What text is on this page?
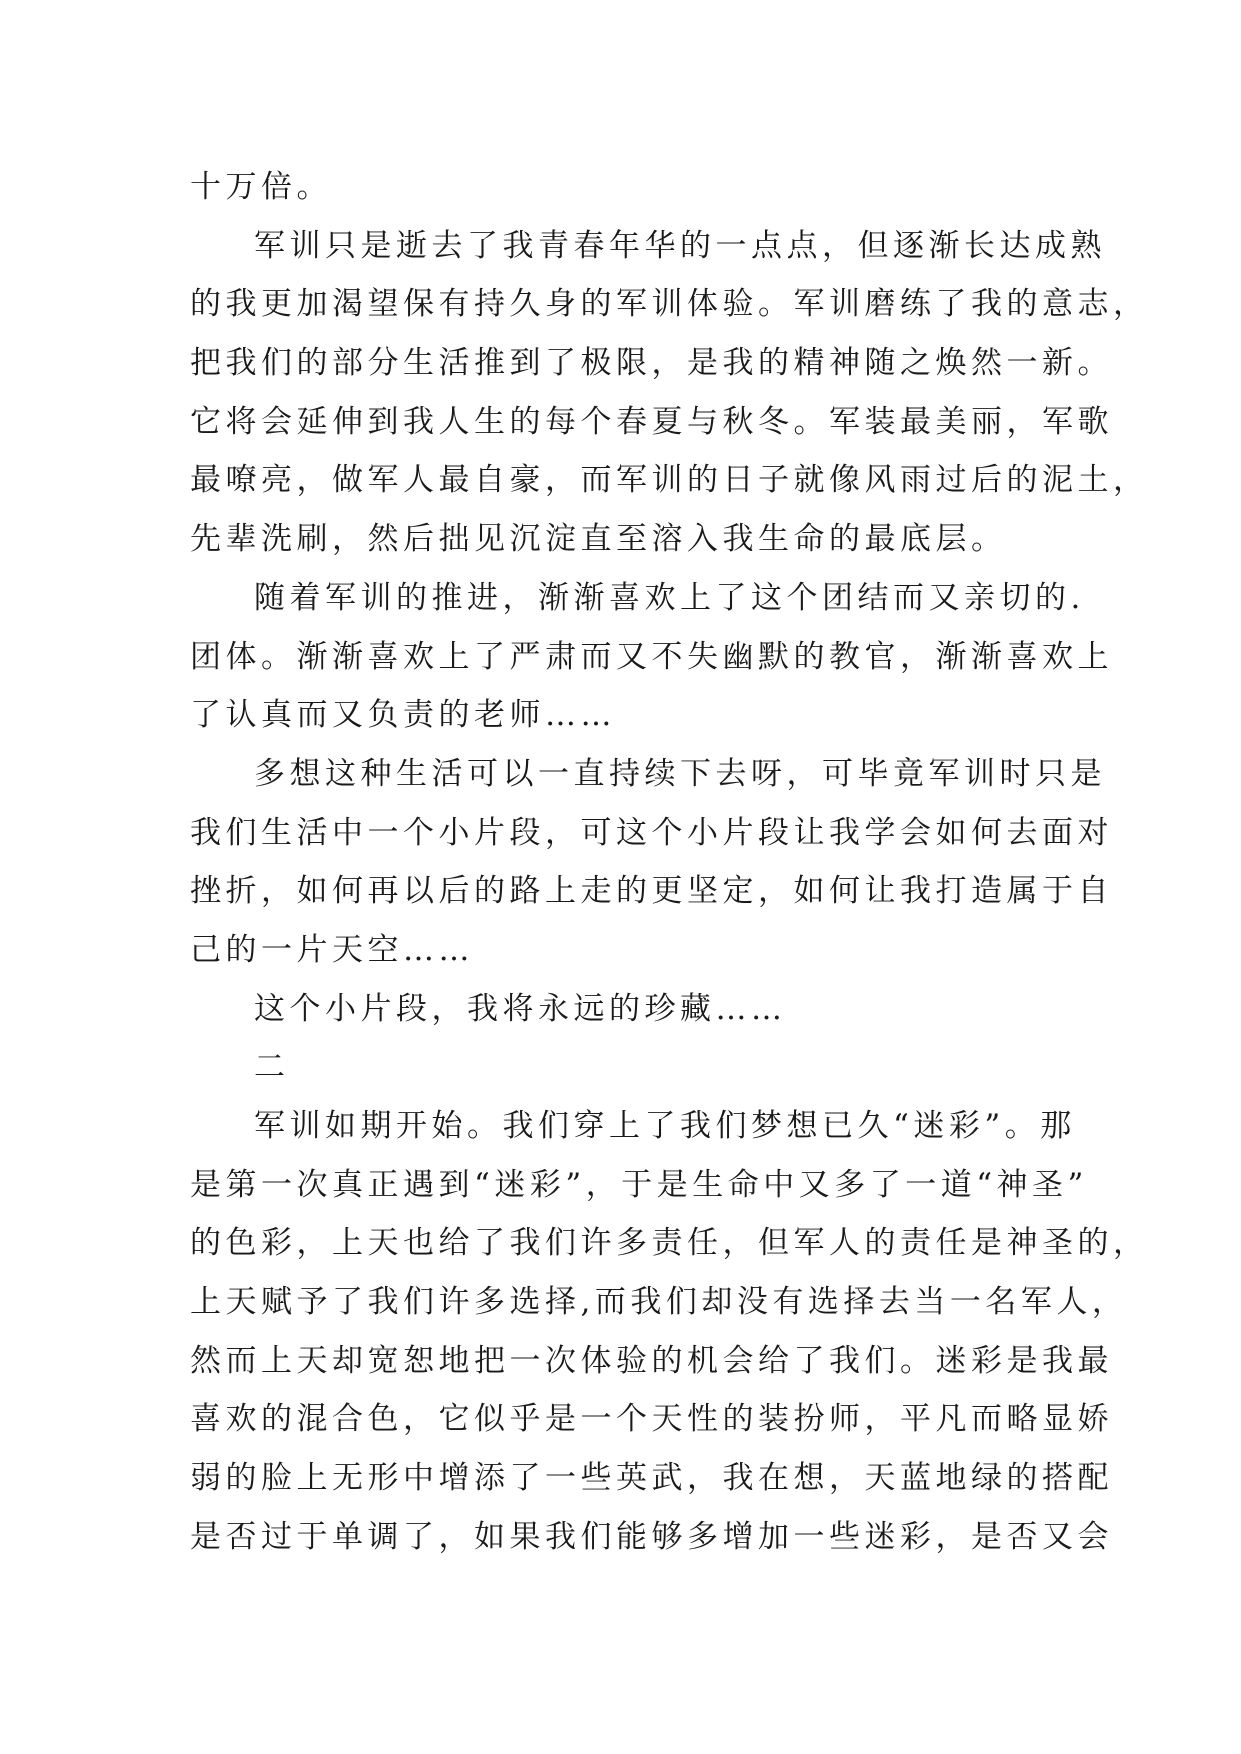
十万倍。
军训只是逝去了我青春年华的一点点，但逐渐长达成熟
的我更加渴望保有持久身的军训体验。军训磨练了我的意志，
把我们的部分生活推到了极限，是我的精神随之焕然一新。
它将会延伸到我人生的每个春夏与秋冬。军装最美丽，军歌
最嘹亮，做军人最自豪，而军训的日子就像风雨过后的泥土，
先辈洗刷，然后拙见沉淀直至溶入我生命的最底层。
随着军训的推进，渐渐喜欢上了这个团结而又亲切的.
团体。渐渐喜欢上了严肃而又不失幽默的教官，渐渐喜欢上
了认真而又负责的老师……
多想这种生活可以一直持续下去呀，可毕竟军训时只是
我们生活中一个小片段，可这个小片段让我学会如何去面对
挫折，如何再以后的路上走的更坚定，如何让我打造属于自
己的一片天空……
这个小片段，我将永远的珍藏……
二
军训如期开始。我们穿上了我们梦想已久“迷彩”。那
是第一次真正遇到“迷彩”，于是生命中又多了一道“神圣”
的色彩，上天也给了我们许多责任，但军人的责任是神圣的，
上天赋予了我们许多选择,而我们却没有选择去当一名军人，
然而上天却宽恕地把一次体验的机会给了我们。迷彩是我最
喜欢的混合色，它似乎是一个天性的装扮师，平凡而略显娇
弱的脸上无形中增添了一些英武，我在想，天蓝地绿的搭配
是否过于单调了，如果我们能够多增加一些迷彩，是否又会
